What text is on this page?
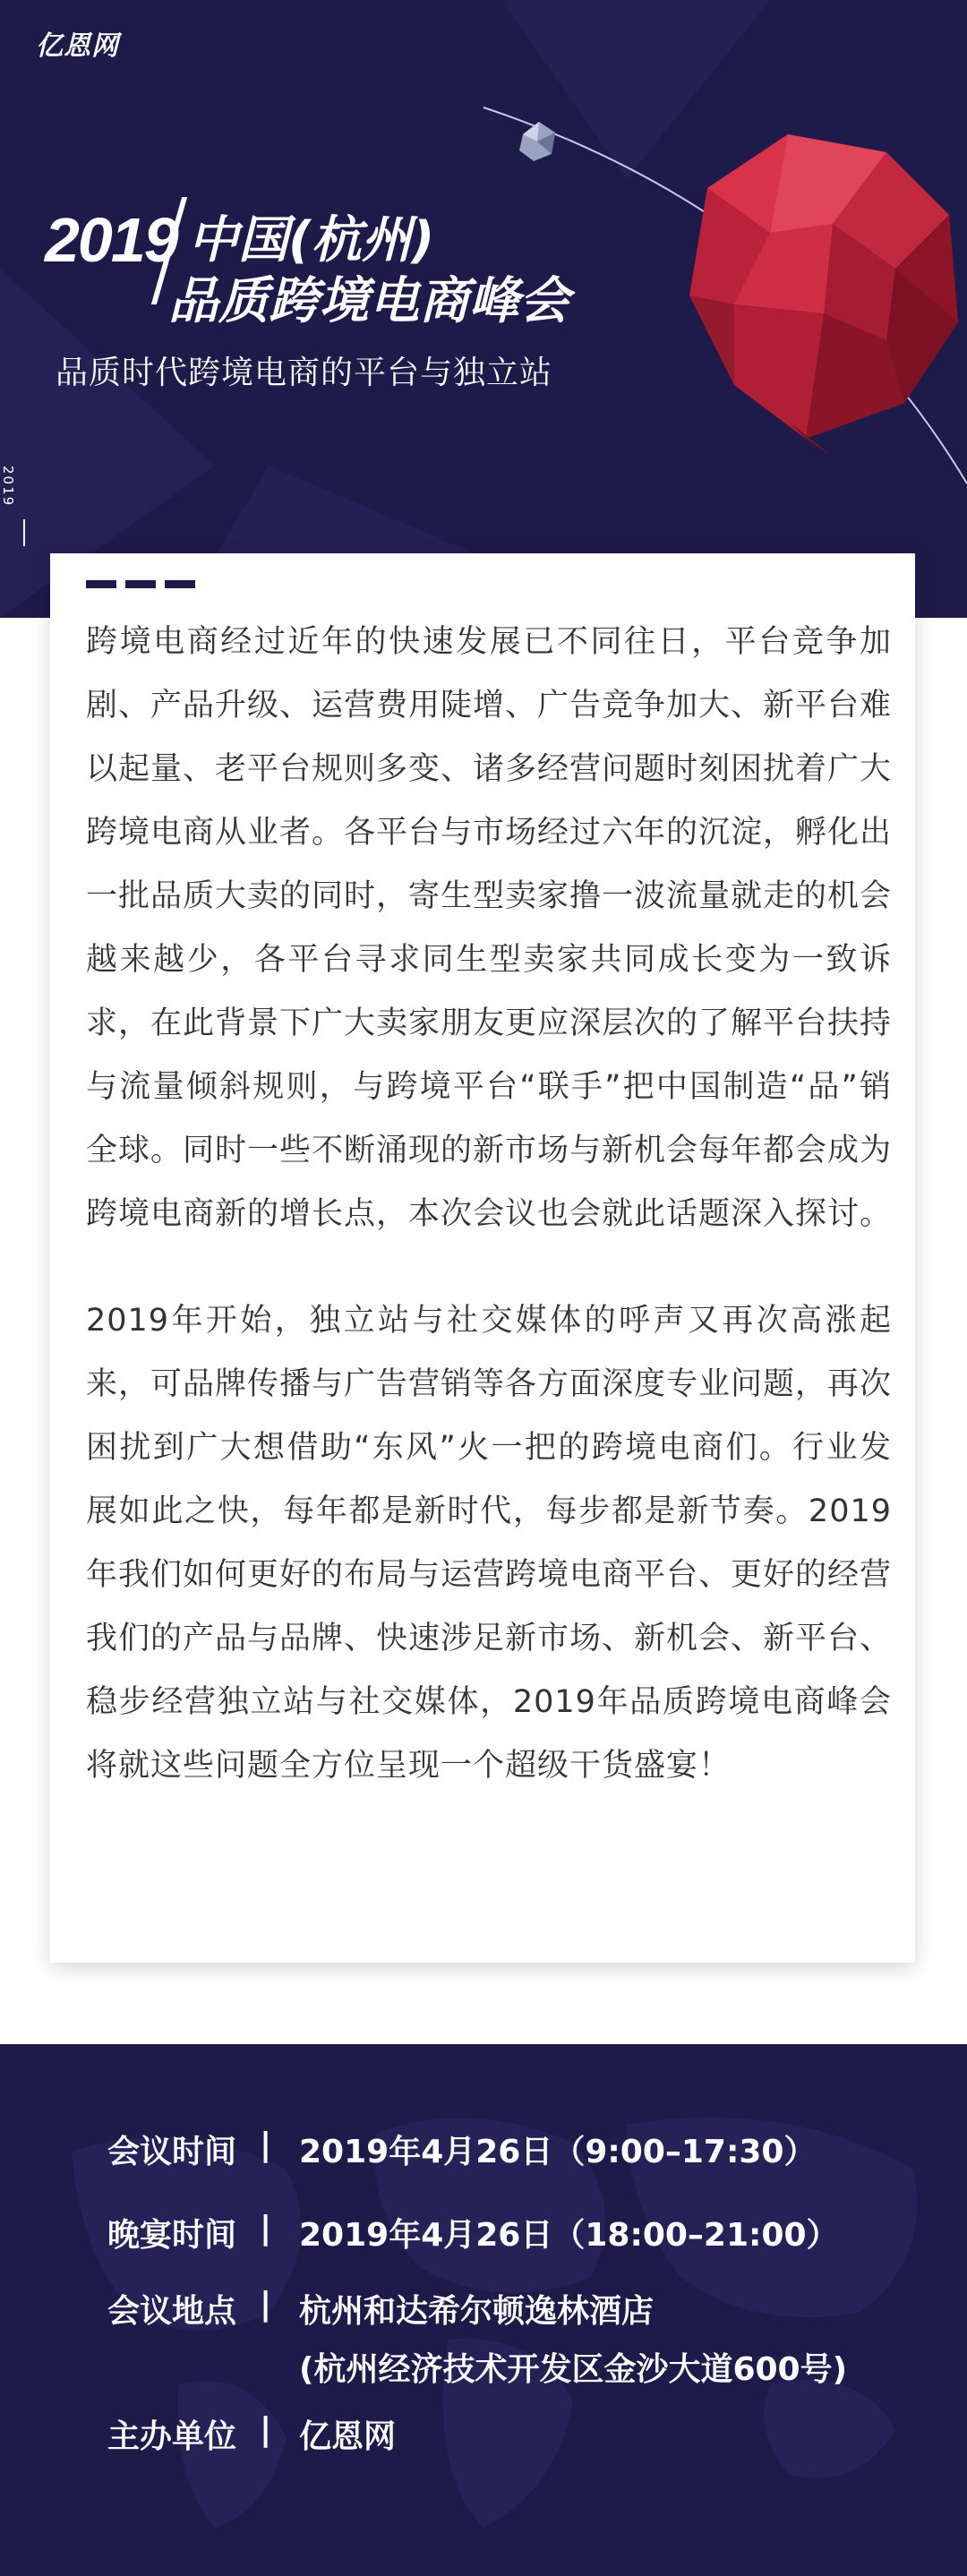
亿恩网
2019 中国(杭州)
品质跨境电商峰会
品质时代跨境电商的平台与独立站
2019
跨境电商经过近年的快速发展已不同往日，平台竞争加剧、产品升级、运营费用陡增、广告竞争加大、新平台难以起量、老平台规则多变、诸多经营问题时刻困扰着广大跨境电商从业者。各平台与市场经过六年的沉淀，孵化出一批品质大卖的同时，寄生型卖家撸一波流量就走的机会越来越少，各平台寻求同生型卖家共同成长变为一致诉求，在此背景下广大卖家朋友更应深层次的了解平台扶持与流量倾斜规则，与跨境平台“联手”把中国制造“品”销全球。同时一些不断涌现的新市场与新机会每年都会成为跨境电商新的增长点，本次会议也会就此话题深入探讨。
2019年开始，独立站与社交媒体的呼声又再次高涨起来，可品牌传播与广告营销等各方面深度专业问题，再次困扰到广大想借助“东风”火一把的跨境电商们。行业发展如此之快，每年都是新时代，每步都是新节奏。2019年我们如何更好的布局与运营跨境电商平台、更好的经营我们的产品与品牌、快速涉足新市场、新机会、新平台、稳步经营独立站与社交媒体，2019年品质跨境电商峰会将就这些问题全方位呈现一个超级干货盛宴！
会议时间 | 2019年4月26日（9:00–17:30）
晚宴时间 | 2019年4月26日（18:00–21:00）
会议地点 | 杭州和达希尔顿逸林酒店
(杭州经济技术开发区金沙大道600号)
主办单位 | 亿恩网
